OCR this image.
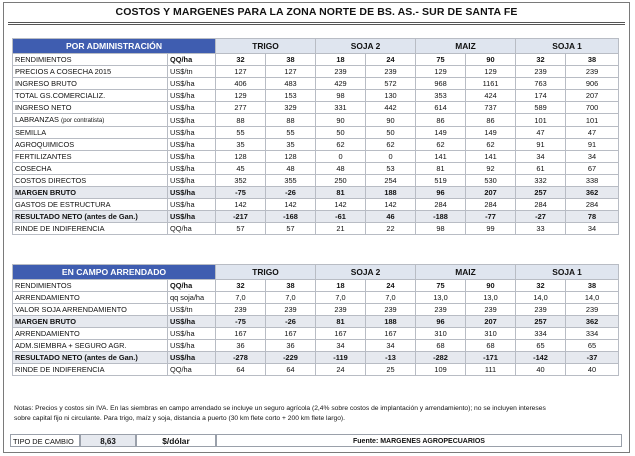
COSTOS Y MARGENES PARA LA ZONA NORTE DE BS. AS.- SUR DE SANTA FE
POR ADMINISTRACIÓN		TRIGO		SOJA 2		MAIZ		SOJA 1	
RENDIMIENTOS	QQ/ha	32	38	18	24	75	90	32	38
PRECIOS A COSECHA 2015	US$/tn	127	127	239	239	129	129	239	239
INGRESO BRUTO	US$/ha	406	483	429	572	968	1161	763	906
TOTAL GS.COMERCIALIZ.	US$/ha	129	153	98	130	353	424	174	207
INGRESO NETO	US$/ha	277	329	331	442	614	737	589	700
LABRANZAS (por contratista)	US$/ha	88	88	90	90	86	86	101	101
SEMILLA	US$/ha	55	55	50	50	149	149	47	47
AGROQUIMICOS	US$/ha	35	35	62	62	62	62	91	91
FERTILIZANTES	US$/ha	128	128	0	0	141	141	34	34
COSECHA	US$/ha	45	48	48	53	81	92	61	67
COSTOS DIRECTOS	US$/ha	352	355	250	254	519	530	332	338
MARGEN BRUTO	US$/ha	-75	-26	81	188	96	207	257	362
GASTOS DE ESTRUCTURA	US$/ha	142	142	142	142	284	284	284	284
RESULTADO NETO (antes de Gan.)	US$/ha	-217	-168	-61	46	-188	-77	-27	78
RINDE DE INDIFERENCIA	QQ/ha	57	57	21	22	98	99	33	34
EN CAMPO ARRENDADO		TRIGO		SOJA 2		MAIZ		SOJA 1	
RENDIMIENTOS	QQ/ha	32	38	18	24	75	90	32	38
ARRENDAMIENTO	qq soja/ha	7,0	7,0	7,0	7,0	13,0	13,0	14,0	14,0
VALOR SOJA ARRENDAMIENTO	US$/tn	239	239	239	239	239	239	239	239
MARGEN BRUTO	US$/ha	-75	-26	81	188	96	207	257	362
ARRENDAMIENTO	US$/ha	167	167	167	167	310	310	334	334
ADM.SIEMBRA + SEGURO AGR.	US$/ha	36	36	34	34	68	68	65	65
RESULTADO NETO (antes de Gan.)	US$/ha	-278	-229	-119	-13	-282	-171	-142	-37
RINDE DE INDIFERENCIA	QQ/ha	64	64	24	25	109	111	40	40
Notas: Precios y costos sin IVA. En las siembras en campo arrendado se incluye un seguro agrícola (2,4% sobre costos de implantación y arrendamiento); no se incluyen intereses
sobre capital fijo ni circulante. Para trigo, maíz y soja, distancia a puerto (30 km flete corto + 200 km flete largo).
TIPO DE CAMBIO	8,63	$/dólar	Fuente: MARGENES AGROPECUARIOS
